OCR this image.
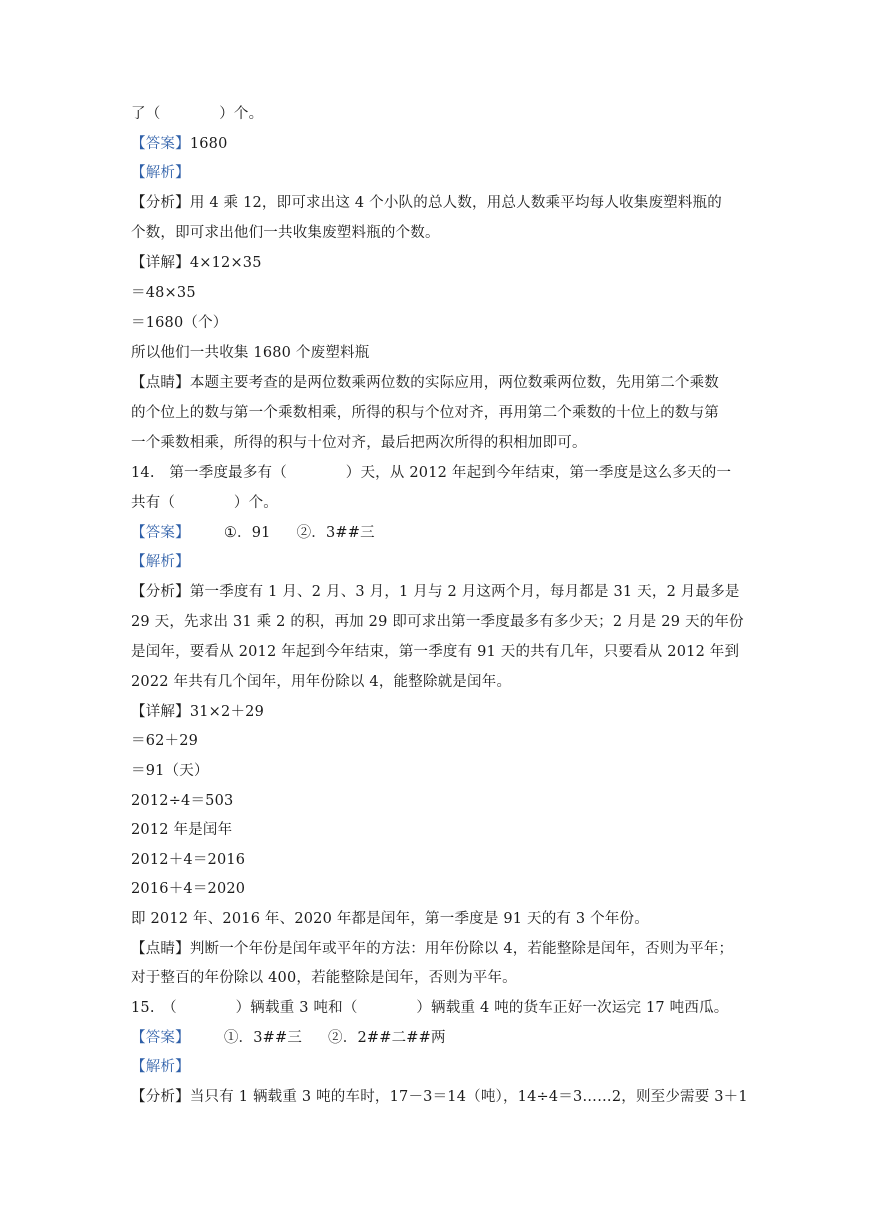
了（　　　　）个。
【答案】1680
【解析】
【分析】用 4 乘 12，即可求出这 4 个小队的总人数，用总人数乘平均每人收集废塑料瓶的
个数，即可求出他们一共收集废塑料瓶的个数。
【详解】4×12×35
＝48×35
＝1680（个）
所以他们一共收集 1680 个废塑料瓶
【点睛】本题主要考查的是两位数乘两位数的实际应用，两位数乘两位数，先用第二个乘数
的个位上的数与第一个乘数相乘，所得的积与个位对齐，再用第二个乘数的十位上的数与第
一个乘数相乘，所得的积与十位对齐，最后把两次所得的积相加即可。
14.　第一季度最多有（　　　　）天，从 2012 年起到今年结束，第一季度是这么多天的一
共有（　　　　）个。
【答案】 ①．91 ②．3##三
【解析】
【分析】第一季度有 1 月、2 月、3 月，1 月与 2 月这两个月，每月都是 31 天，2 月最多是
29 天，先求出 31 乘 2 的积，再加 29 即可求出第一季度最多有多少天；2 月是 29 天的年份
是闰年，要看从 2012 年起到今年结束，第一季度有 91 天的共有几年，只要看从 2012 年到
2022 年共有几个闰年，用年份除以 4，能整除就是闰年。
【详解】31×2＋29
＝62＋29
＝91（天）
2012÷4＝503
2012 年是闰年
2012＋4＝2016
2016＋4＝2020
即 2012 年、2016 年、2020 年都是闰年，第一季度是 91 天的有 3 个年份。
【点睛】判断一个年份是闰年或平年的方法：用年份除以 4，若能整除是闰年，否则为平年；
对于整百的年份除以 400，若能整除是闰年，否则为平年。
15.　（　　　　）辆载重 3 吨和（　　　　）辆载重 4 吨的货车正好一次运完 17 吨西瓜。
【答案】 ①．3##三 ②．2##二##两
【解析】
【分析】当只有 1 辆载重 3 吨的车时，17－3＝14（吨），14÷4＝3……2，则至少需要 3＋1
